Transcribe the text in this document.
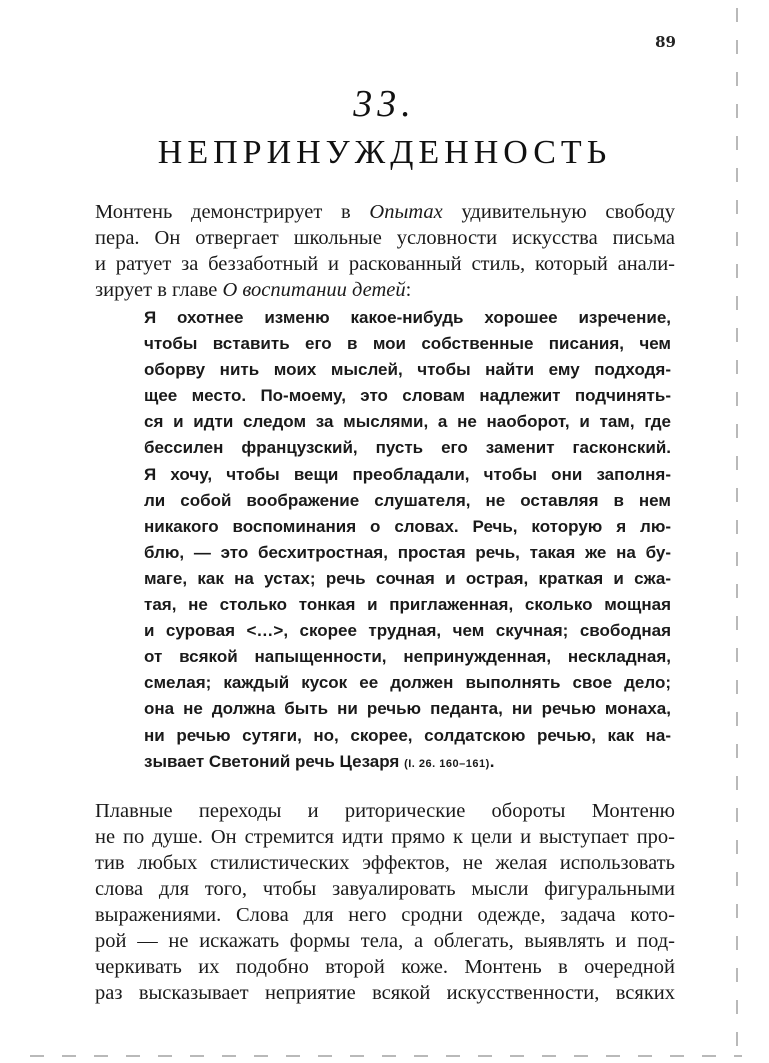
89
33.
НЕПРИНУЖДЕННОСТЬ
Монтень демонстрирует в Опытах удивительную свободу
пера. Он отвергает школьные условности искусства письма
и ратует за беззаботный и раскованный стиль, который анали-
зирует в главе О воспитании детей:
Я охотнее изменю какое-нибудь хорошее изречение,
чтобы вставить его в мои собственные писания, чем
оборву нить моих мыслей, чтобы найти ему подходя-
щее место. По-моему, это словам надлежит подчинять-
ся и идти следом за мыслями, а не наоборот, и там, где
бессилен французский, пусть его заменит гасконский.
Я хочу, чтобы вещи преобладали, чтобы они заполня-
ли собой воображение слушателя, не оставляя в нем
никакого воспоминания о словах. Речь, которую я лю-
блю, — это бесхитростная, простая речь, такая же на бу-
маге, как на устах; речь сочная и острая, краткая и сжа-
тая, не столько тонкая и приглаженная, сколько мощная
и суровая <…>, скорее трудная, чем скучная; свободная
от всякой напыщенности, непринужденная, нескладная,
смелая; каждый кусок ее должен выполнять свое дело;
она не должна быть ни речью педанта, ни речью монаха,
ни речью сутяги, но, скорее, солдатскою речью, как на-
зывает Светоний речь Цезаря (I. 26. 160–161).
Плавные переходы и риторические обороты Монтеню
не по душе. Он стремится идти прямо к цели и выступает про-
тив любых стилистических эффектов, не желая использовать
слова для того, чтобы завуалировать мысли фигуральными
выражениями. Слова для него сродни одежде, задача кото-
рой — не искажать формы тела, а облегать, выявлять и под-
черкивать их подобно второй коже. Монтень в очередной
раз высказывает неприятие всякой искусственности, всяких
